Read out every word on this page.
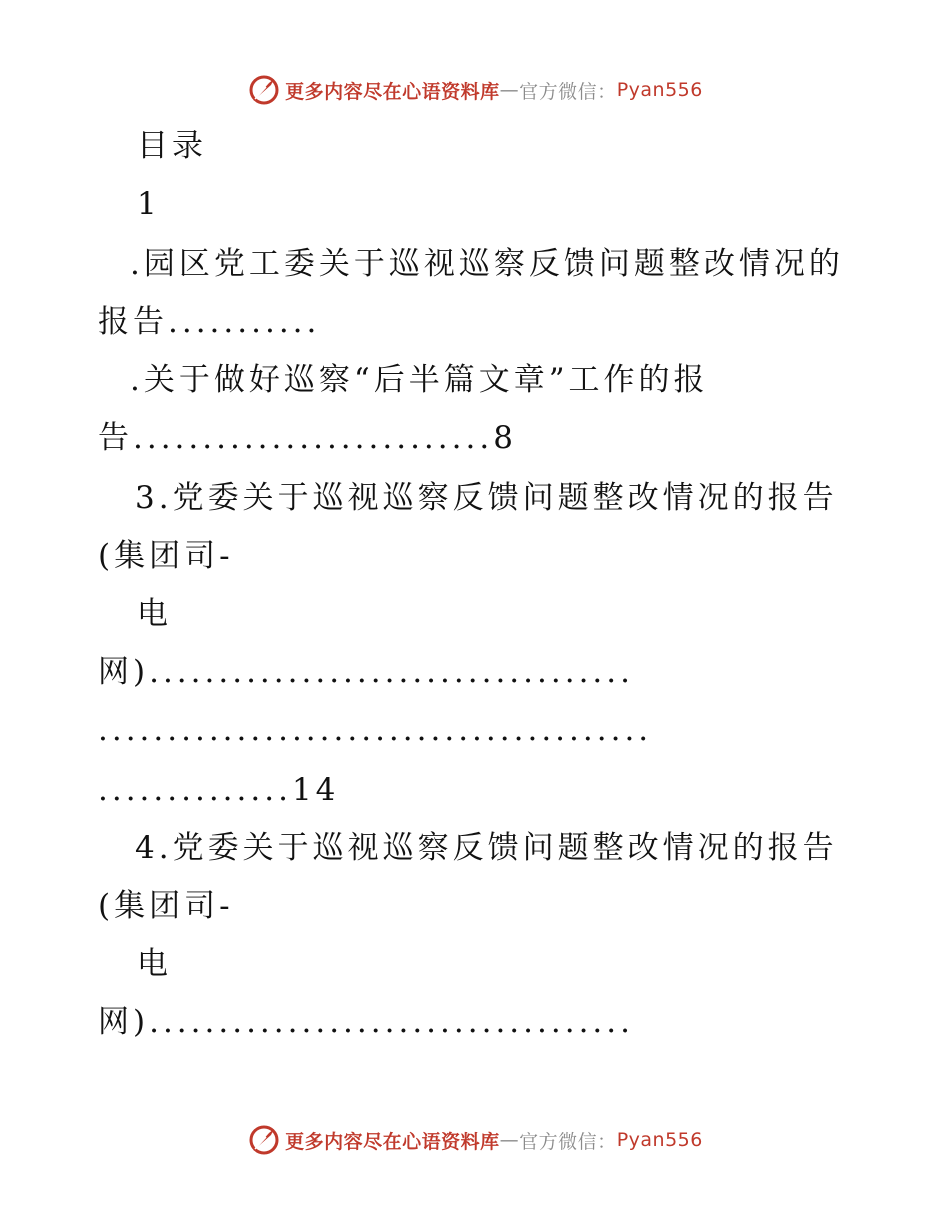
更多内容尽在心语资料库 — 官方微信： Pyan556
目录
1
.园区党工委关于巡视巡察反馈问题整改情况的
报告...........
.关于做好巡察“后半篇文章”工作的报
告..........................8
3.党委关于巡视巡察反馈问题整改情况的报告
(集团司-
电
网)...................................
........................................
..............14
4.党委关于巡视巡察反馈问题整改情况的报告
(集团司-
电
网)...................................
更多内容尽在心语资料库 — 官方微信： Pyan556
